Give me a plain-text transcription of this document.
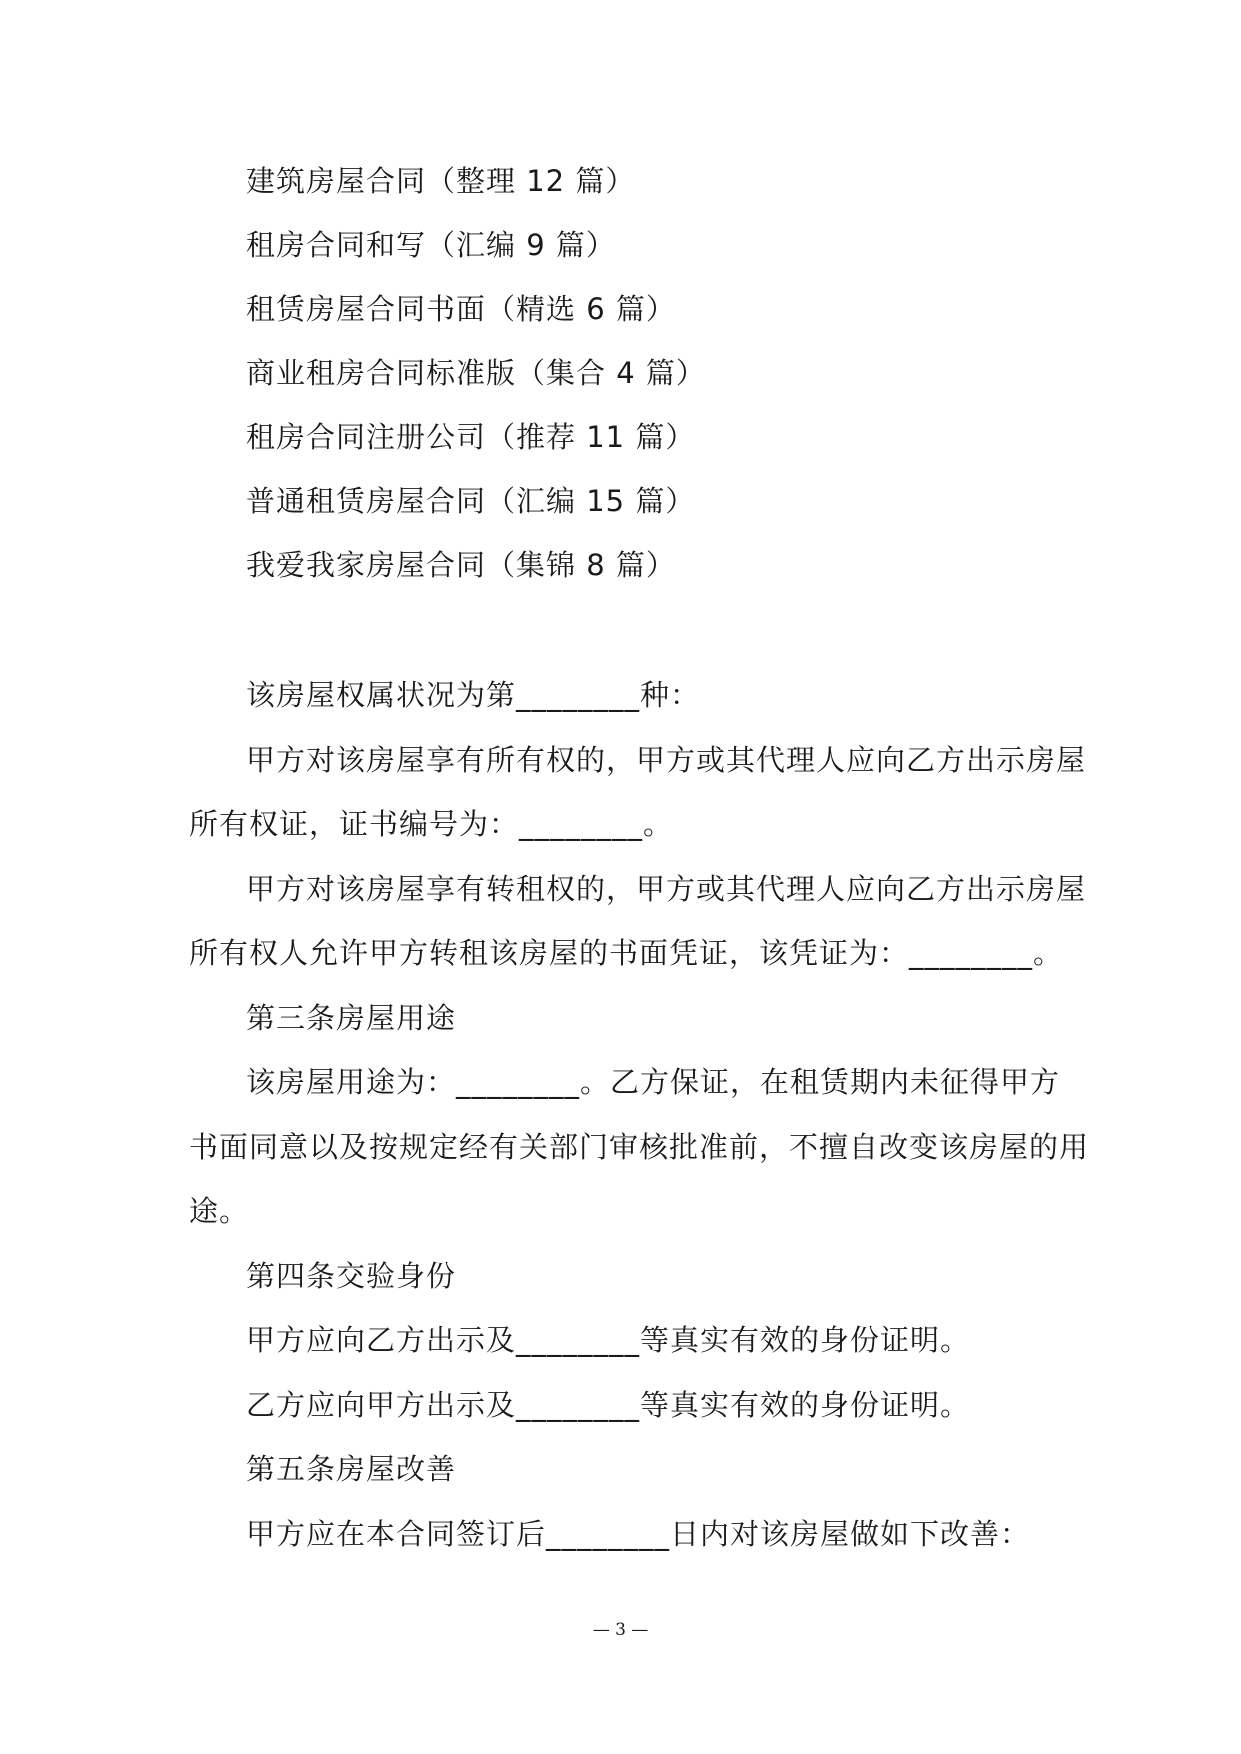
建筑房屋合同（整理 12 篇）
租房合同和写（汇编 9 篇）
租赁房屋合同书面（精选 6 篇）
商业租房合同标准版（集合 4 篇）
租房合同注册公司（推荐 11 篇）
普通租赁房屋合同（汇编 15 篇）
我爱我家房屋合同（集锦 8 篇）
该房屋权属状况为第________种：
甲方对该房屋享有所有权的，甲方或其代理人应向乙方出示房屋
所有权证，证书编号为：________。
甲方对该房屋享有转租权的，甲方或其代理人应向乙方出示房屋
所有权人允许甲方转租该房屋的书面凭证，该凭证为：________。
第三条房屋用途
该房屋用途为：________。乙方保证，在租赁期内未征得甲方
书面同意以及按规定经有关部门审核批准前，不擅自改变该房屋的用
途。
第四条交验身份
甲方应向乙方出示及________等真实有效的身份证明。
乙方应向甲方出示及________等真实有效的身份证明。
第五条房屋改善
甲方应在本合同签订后________日内对该房屋做如下改善：
— 3 —
